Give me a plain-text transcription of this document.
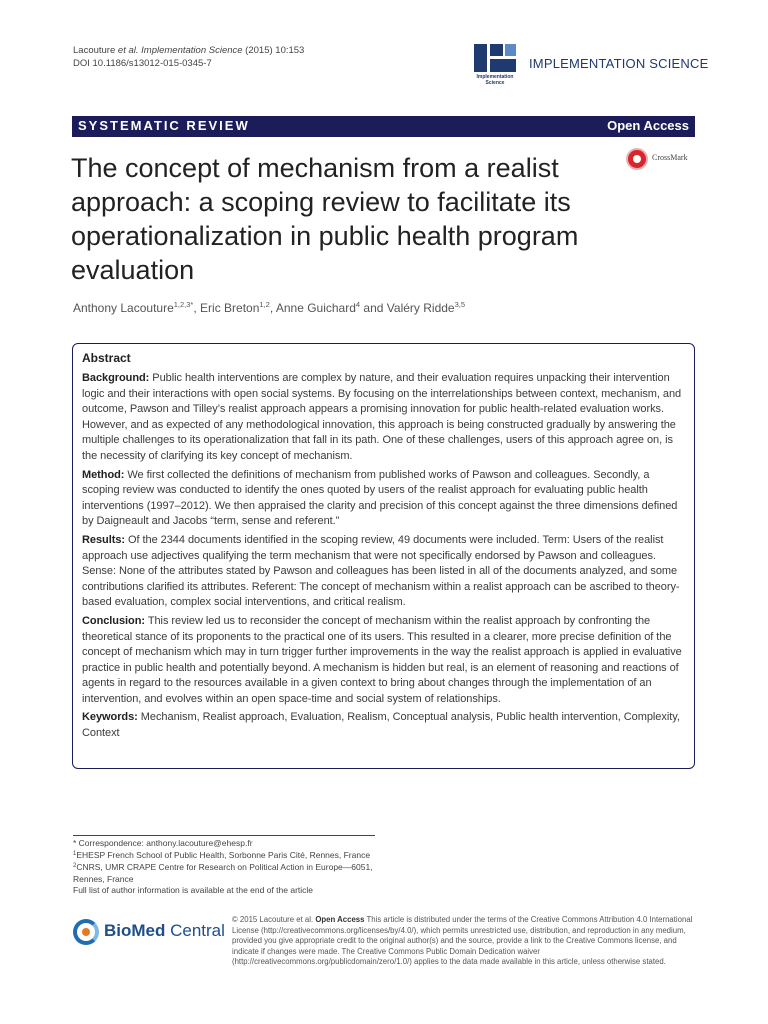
Lacouture et al. Implementation Science (2015) 10:153
DOI 10.1186/s13012-015-0345-7
Implementation Science
IMPLEMENTATION SCIENCE
SYSTEMATIC REVIEW	Open Access
CrossMark
The concept of mechanism from a realist approach: a scoping review to facilitate its operationalization in public health program evaluation
Anthony Lacouture$^{1,2,3*}$, Eric Breton$^{1,2}$, Anne Guichard$^4$ and Valéry Ridde$^{3,5}$
Abstract

Background: Public health interventions are complex by nature, and their evaluation requires unpacking their intervention logic and their interactions with open social systems. By focusing on the interrelationships between context, mechanism, and outcome, Pawson and Tilley’s realist approach appears a promising innovation for public health-related evaluation works. However, and as expected of any methodological innovation, this approach is being constructed gradually by answering the multiple challenges to its operationalization that fall in its path. One of these challenges, users of this approach agree on, is the necessity of clarifying its key concept of mechanism.

Method: We first collected the definitions of mechanism from published works of Pawson and colleagues. Secondly, a scoping review was conducted to identify the ones quoted by users of the realist approach for evaluating public health interventions (1997–2012). We then appraised the clarity and precision of this concept against the three dimensions defined by Daigneault and Jacobs “term, sense and referent.”

Results: Of the 2344 documents identified in the scoping review, 49 documents were included. Term: Users of the realist approach use adjectives qualifying the term mechanism that were not specifically endorsed by Pawson and colleagues. Sense: None of the attributes stated by Pawson and colleagues has been listed in all of the documents analyzed, and some contributions clarified its attributes. Referent: The concept of mechanism within a realist approach can be ascribed to theory-based evaluation, complex social interventions, and critical realism.

Conclusion: This review led us to reconsider the concept of mechanism within the realist approach by confronting the theoretical stance of its proponents to the practical one of its users. This resulted in a clearer, more precise definition of the concept of mechanism which may in turn trigger further improvements in the way the realist approach is applied in evaluative practice in public health and potentially beyond. A mechanism is hidden but real, is an element of reasoning and reactions of agents in regard to the resources available in a given context to bring about changes through the implementation of an intervention, and evolves within an open space-time and social system of relationships.

Keywords: Mechanism, Realist approach, Evaluation, Realism, Conceptual analysis, Public health intervention, Complexity, Context

* Correspondence: anthony.lacouture@ehesp.fr
$^1$EHESP French School of Public Health, Sorbonne Paris Cité, Rennes, France
$^2$CNRS, UMR CRAPE Centre for Research on Political Action in Europe—6051, Rennes, France
Full list of author information is available at the end of the article
BioMed Central
© 2015 Lacouture et al. Open Access This article is distributed under the terms of the Creative Commons Attribution 4.0 International License (http://creativecommons.org/licenses/by/4.0/), which permits unrestricted use, distribution, and reproduction in any medium, provided you give appropriate credit to the original author(s) and the source, provide a link to the Creative Commons license, and indicate if changes were made. The Creative Commons Public Domain Dedication waiver (http://creativecommons.org/publicdomain/zero/1.0/) applies to the data made available in this article, unless otherwise stated.
